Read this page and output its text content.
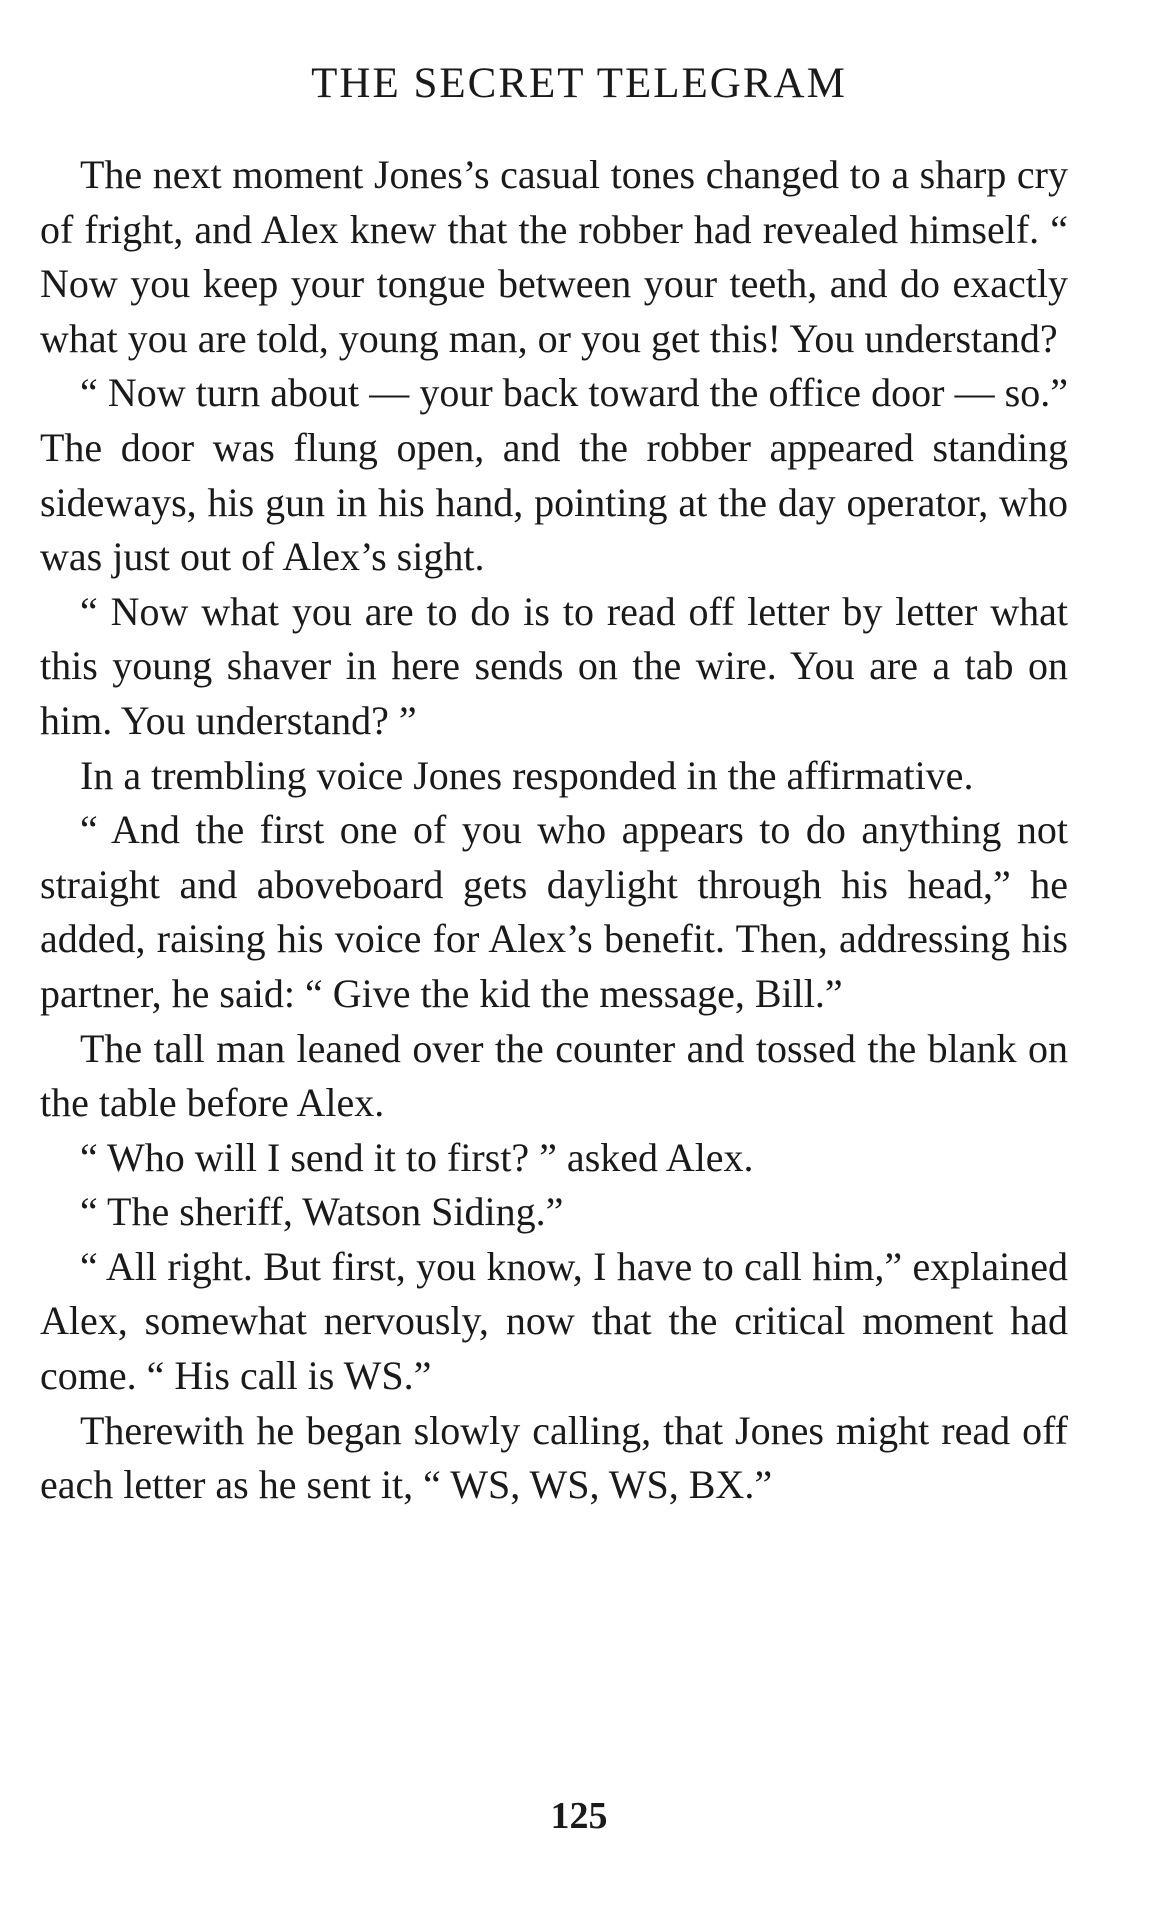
THE SECRET TELEGRAM

The next moment Jones’s casual tones changed to a sharp cry of fright, and Alex knew that the robber had revealed himself. “ Now you keep your tongue between your teeth, and do exactly what you are told, young man, or you get this! You understand?

“ Now turn about — your back toward the office door — so.” The door was flung open, and the robber appeared standing sideways, his gun in his hand, pointing at the day operator, who was just out of Alex’s sight.

“ Now what you are to do is to read off letter by letter what this young shaver in here sends on the wire. You are a tab on him. You understand? ”

In a trembling voice Jones responded in the affirmative.

“ And the first one of you who appears to do anything not straight and aboveboard gets daylight through his head,” he added, raising his voice for Alex’s benefit. Then, addressing his partner, he said: “ Give the kid the message, Bill.”

The tall man leaned over the counter and tossed the blank on the table before Alex.

“ Who will I send it to first? ” asked Alex.

“ The sheriff, Watson Siding.”

“ All right. But first, you know, I have to call him,” explained Alex, somewhat nervously, now that the critical moment had come. “ His call is WS.”

Therewith he began slowly calling, that Jones might read off each letter as he sent it, “ WS, WS, WS, BX.”

125
